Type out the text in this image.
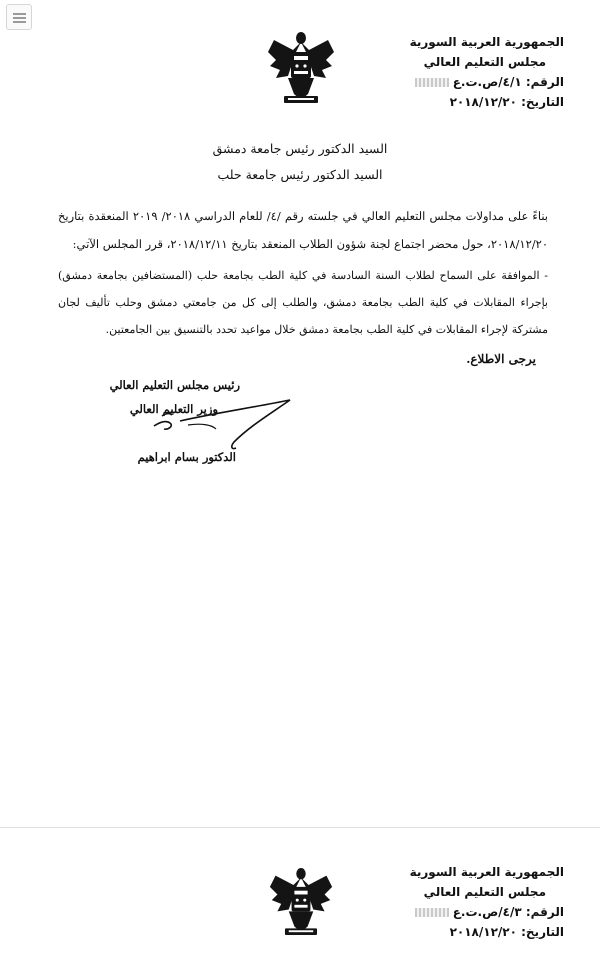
الجمهورية العربية السورية
مجلس التعليم العالي
الرقم: ٤/١/ص.ت.ع
التاريخ: ٢٠١٨/١٢/٢٠
السيد الدكتور رئيس جامعة دمشق
السيد الدكتور رئيس جامعة حلب
بناءً على مداولات مجلس التعليم العالي في جلسته رقم /٤/ للعام الدراسي ٢٠١٨/ ٢٠١٩ المنعقدة بتاريخ ٢٠١٨/١٢/٢٠، حول محضر اجتماع لجنة شؤون الطلاب المنعقد بتاريخ ٢٠١٨/١٢/١١، قرر المجلس الآتي:
- الموافقة على السماح لطلاب السنة السادسة في كلية الطب بجامعة حلب (المستضافين بجامعة دمشق) بإجراء المقابلات في كلية الطب بجامعة دمشق، والطلب إلى كل من جامعتي دمشق وحلب تأليف لجان مشتركة لإجراء المقابلات في كلية الطب بجامعة دمشق خلال مواعيد تحدد بالتنسيق بين الجامعتين.
يرجى الاطلاع.
رئيس مجلس التعليم العالي
وزير التعليم العالي
الدكتور بسام ابراهيم
الجمهورية العربية السورية
مجلس التعليم العالي
الرقم: ٤/٣/ص.ت.ع
التاريخ: ٢٠١٨/١٢/٢٠
